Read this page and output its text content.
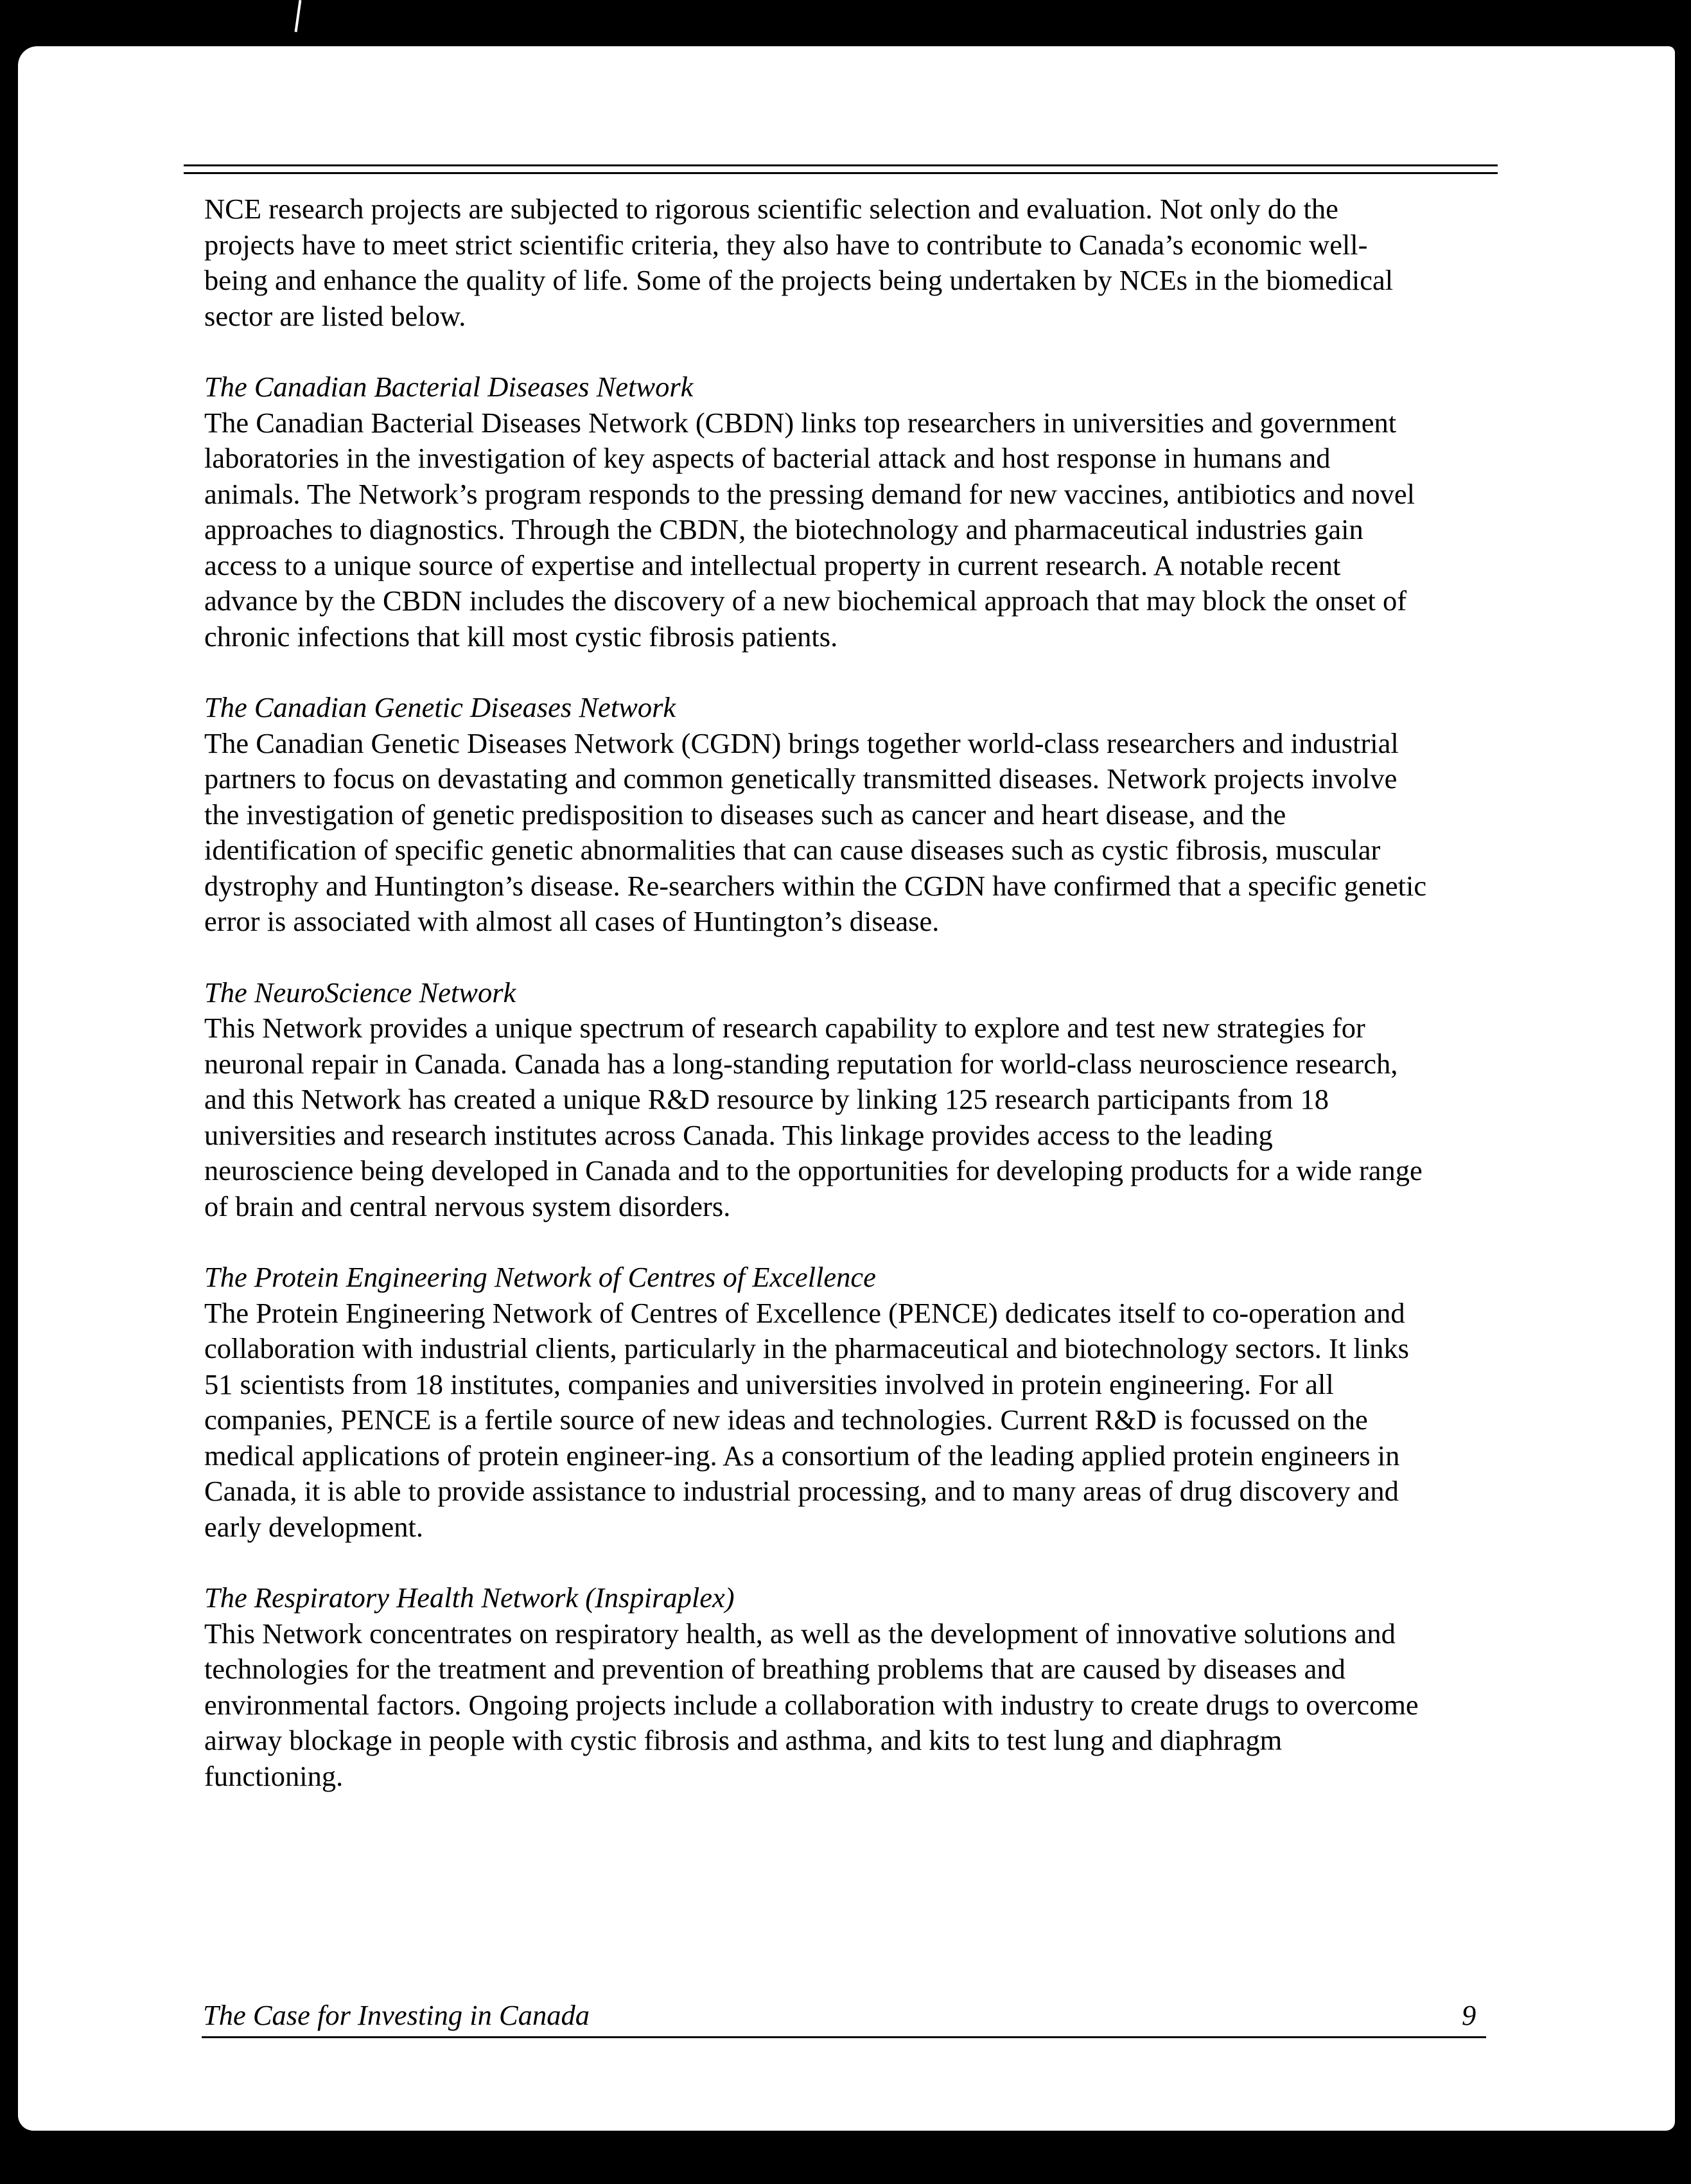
NCE research projects are subjected to rigorous scientific selection and evaluation. Not only do the projects have to meet strict scientific criteria, they also have to contribute to Canada’s economic well-being and enhance the quality of life. Some of the projects being undertaken by NCEs in the biomedical sector are listed below.

The Canadian Bacterial Diseases Network

The Canadian Bacterial Diseases Network (CBDN) links top researchers in universities and government laboratories in the investigation of key aspects of bacterial attack and host response in humans and animals. The Network’s program responds to the pressing demand for new vaccines, antibiotics and novel approaches to diagnostics. Through the CBDN, the biotechnology and pharmaceutical industries gain access to a unique source of expertise and intellectual property in current research. A notable recent advance by the CBDN includes the discovery of a new biochemical approach that may block the onset of chronic infections that kill most cystic fibrosis patients.

The Canadian Genetic Diseases Network

The Canadian Genetic Diseases Network (CGDN) brings together world-class researchers and industrial partners to focus on devastating and common genetically transmitted diseases. Network projects involve the investigation of genetic predisposition to diseases such as cancer and heart disease, and the identification of specific genetic abnormalities that can cause diseases such as cystic fibrosis, muscular dystrophy and Huntington’s disease. Re-searchers within the CGDN have confirmed that a specific genetic error is associated with almost all cases of Huntington’s disease.

The NeuroScience Network

This Network provides a unique spectrum of research capability to explore and test new strategies for neuronal repair in Canada. Canada has a long-standing reputation for world-class neuroscience research, and this Network has created a unique R&D resource by linking 125 research participants from 18 universities and research institutes across Canada. This linkage provides access to the leading neuroscience being developed in Canada and to the opportunities for developing products for a wide range of brain and central nervous system disorders.

The Protein Engineering Network of Centres of Excellence

The Protein Engineering Network of Centres of Excellence (PENCE) dedicates itself to co-operation and collaboration with industrial clients, particularly in the pharmaceutical and biotechnology sectors. It links 51 scientists from 18 institutes, companies and universities involved in protein engineering. For all companies, PENCE is a fertile source of new ideas and technologies. Current R&D is focussed on the medical applications of protein engineer-ing. As a consortium of the leading applied protein engineers in Canada, it is able to provide assistance to industrial processing, and to many areas of drug discovery and early development.

The Respiratory Health Network (Inspiraplex)

This Network concentrates on respiratory health, as well as the development of innovative solutions and technologies for the treatment and prevention of breathing problems that are caused by diseases and environmental factors. Ongoing projects include a collaboration with industry to create drugs to overcome airway blockage in people with cystic fibrosis and asthma, and kits to test lung and diaphragm functioning.

The Case for Investing in Canada	9
